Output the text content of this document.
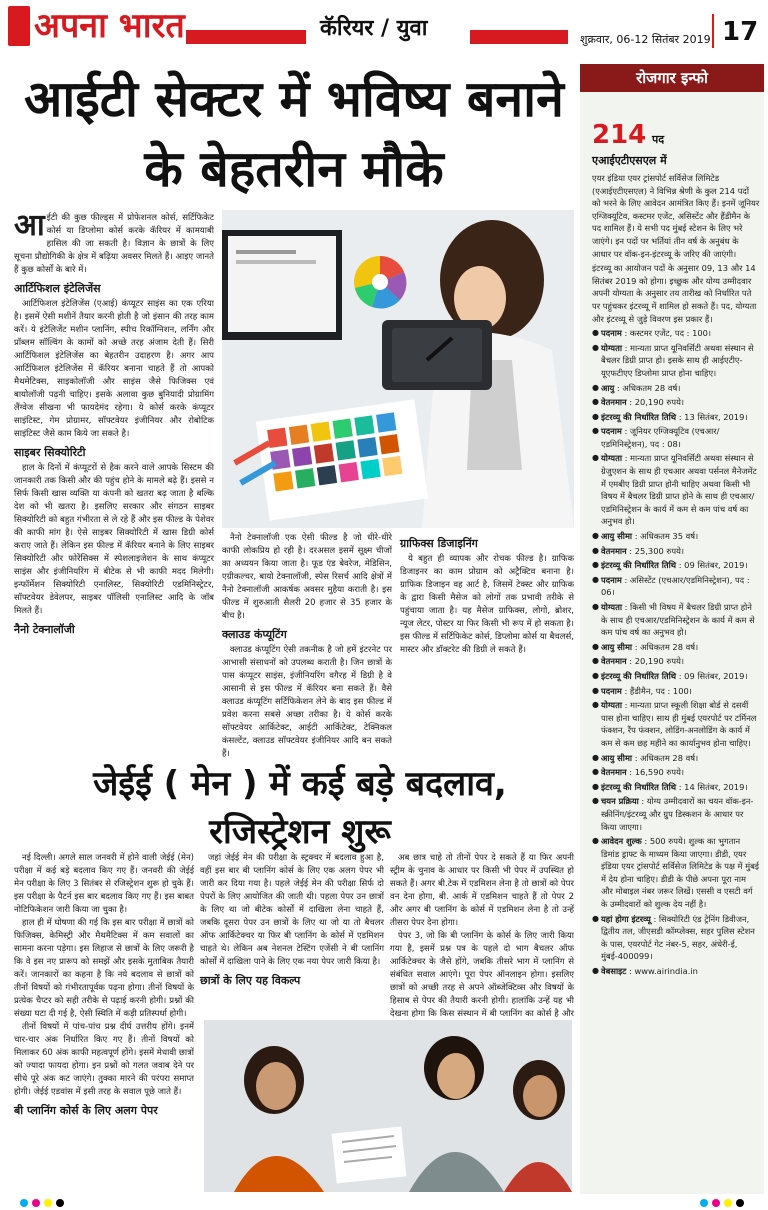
अपना भारत	कॅरियर / युवा	शुक्रवार, 06-12 सितंबर 2019 17
आईटी सेक्टर में भविष्य बनाने के बेहतरीन मौके

आईटी की कुछ फील्ड्स में प्रोफेशनल कोर्स, सर्टिफिकेट कोर्स या डिप्लोमा कोर्स करके कॅरियर में कामयाबी हासिल की जा सकती है। विज्ञान के छात्रों के लिए सूचना प्रौद्योगिकी के क्षेत्र में बढ़िया अवसर मिलते हैं। आइए जानते हैं कुछ कोर्सों के बारे में।

आर्टिफिशल इंटेलिजेंस

आर्टिफिशल इंटेलिजेंस (एआई) कंप्यूटर साइंस का एक एरिया है। इसमें ऐसी मशीनें तैयार करनी होती है जो इंसान की तरह काम करें। ये इंटेलिजेंट मशीन प्लानिंग, स्पीच रिकॉग्निशन, लर्निंग और प्रॉब्लम सॉल्विंग के कामों को अच्छे तरह अंजाम देती हैं। सिरी आर्टिफिशल इंटेलिजेंस का बेहतरीन उदाहरण है। अगर आप आर्टिफिशल इंटेलिजेंस में कॅरियर बनाना चाहते हैं तो आपको मैथमेटिक्स, साइकोलॉजी और साइंस जैसे फिजिक्स एवं बायोलॉजी पढ़नी चाहिए। इसके अलावा कुछ बुनियादी प्रोग्रामिंग लैंग्वेज सीखना भी फायदेमंद रहेगा। ये कोर्स करके कंप्यूटर साइंटिस्ट, गेम प्रोग्रामर, सॉफ्टवेयर इंजीनियर और रोबोटिक साइंटिस्ट जैसे काम किये जा सकते है।

साइबर सिक्योरिटी

हाल के दिनों में कंप्यूटरों से हैक करने वाले आपके सिस्टम की जानकारी तक किसी और की पहुंच होने के मामले बढ़े हैं। इससे न सिर्फ किसी खास व्यक्ति या कंपनी को खतरा बढ़ जाता है बल्कि देश को भी खतरा है। इसलिए सरकार और संगठन साइबर सिक्योरिटी को बहुत गंभीरता से ले रहे हैं और इस फील्ड के पेशेवर की काफी मांग है। ऐसे साइबर सिक्योरिटी में खास डिग्री कोर्स कराए जाते हैं। लेकिन इस फील्ड में कॅरियर बनाने के लिए साइबर सिक्योरिटी और फोरेंसिक्स में स्पेशलाइजेशन के साथ कंप्यूटर साइंस और इंजीनियरिंग में बीटेक से भी काफी मदद मिलेगी। इन्फॉर्मेशन सिक्योरिटी एनालिस्ट, सिक्योरिटी एडमिनिस्ट्रेटर, सॉफ्टवेयर डेवेलपर, साइबर पॉलिसी एनालिस्ट आदि के जॉब मिलते हैं।

नैनो टेक्नालॉजी

नैनो टेक्नालॉजी एक ऐसी फील्ड है जो धीरे-धीरे काफी लोकप्रिय हो रही है। दरअसल इसमें सूक्ष्म चीजों का अध्ययन किया जाता है। फूड एंड बेवरेज, मेडिसिन, एग्रीकल्चर, बायो टेक्नालॉजी, स्पेस रिसर्च आदि क्षेत्रों में नैनो टेक्नालॉजी आकर्षक अवसर मुहैया कराती है। इस फील्ड में शुरुआती सैलरी 20 हजार से 35 हजार के बीच है।

क्लाउड कंप्यूटिंग

क्लाउड कंप्यूटिंग ऐसी तकनीक है जो हमें इंटरनेट पर आभासी संसाधनों को उपलब्ध कराती है। जिन छात्रों के पास कंप्यूटर साइंस, इंजीनियरिंग वगैरह में डिग्री है वे आसानी से इस फील्ड में कॅरियर बना सकते हैं। वैसे क्लाउड कंप्यूटिंग सर्टिफिकेशन लेने के बाद इस फील्ड में प्रवेश करना सबसे अच्छा तरीका है। ये कोर्स करके सॉफ्टवेयर आर्किटेक्ट, आईटी आर्किटेक्ट, टेक्निकल कंसल्टेंट, क्लाउड सॉफ्टवेयर इंजीनियर आदि बन सकते हैं।

ग्राफिक्स डिजाइनिंग

ये बहुत ही व्यापक और रोचक फील्ड है। ग्राफिक डिजाइनर का काम प्रोग्राम को अट्रैक्टिव बनाना है। ग्राफिक डिजाइन वह आर्ट है, जिसमें टेक्स्ट और ग्राफिक के द्वारा किसी मैसेज को लोगों तक प्रभावी तरीके से पहुंचाया जाता है। यह मैसेज ग्राफिक्स, लोगो, ब्रोशर, न्यूज लेटर, पोस्टर या फिर किसी भी रूप में हो सकता है। इस फील्ड में सर्टिफिकेट कोर्स, डिप्लोमा कोर्स या बैचलर्स, मास्टर और डॉक्टरेट की डिग्री ले सकते हैं।

जेईई ( मेन ) में कई बड़े बदलाव, रजिस्ट्रेशन शुरू

नई दिल्ली। अगले साल जनवरी में होने वाली जेईई (मेन) परीक्षा में कई बड़े बदलाव किए गए हैं। जनवरी की जेईई मेन परीक्षा के लिए 3 सितंबर से रजिस्ट्रेशन शुरू हो चुके हैं। इस परीक्षा के पैटर्न इस बार बदलाव किए गए हैं। इस बाबत नोटिफिकेशन जारी किया जा चुका है।

हाल ही में घोषणा की गई कि इस बार परीक्षा में छात्रों को फिजिक्स, केमिस्ट्री और मैथमैटिक्स में कम सवालों का सामना करना पड़ेगा। इस लिहाज से छात्रों के लिए जरूरी है कि वे इस नए प्रारूप को समझें और इसके मुताबिक तैयारी करें। जानकारों का कहना है कि नये बदलाव से छात्रों को तीनों विषयों को गंभीरतापूर्वक पढ़ना होगा। तीनों विषयों के प्रत्येक चैप्टर को सही तरीके से पढ़ाई करनी होगी। प्रश्नों की संख्या घटा दी गई है, ऐसी स्थिति में कड़ी प्रतिस्पर्धा होगी।

तीनों विषयों में पांच-पांच प्रश्न दीर्घ उत्तरीय होंगे। इनमें चार-चार अंक निर्धारित किए गए हैं। तीनों विषयों को मिलाकर 60 अंक काफी महत्वपूर्ण होंगे। इसमें मेधावी छात्रों को ज्यादा फायदा होगा। इन प्रश्नों को गलत जवाब देने पर सीधे पूरे अंक कट जाएंगे। तुक्का मारने की परंपरा समाप्त होगी। जेईई एडवांस में इसी तरह के सवाल पूछे जाते हैं।

बी प्लानिंग कोर्स के लिए अलग पेपर

जहां जेईई मेन की परीक्षा के स्ट्रक्चर में बदलाव हुआ है, वहीं इस बार बी प्लानिंग कोर्स के लिए एक अलग पेपर भी जारी कर दिया गया है। पहले जेईई मेन की परीक्षा सिर्फ दो पेपरों के लिए आयोजित की जाती थी। पहला पेपर उन छात्रों के लिए था जो बीटेक कोर्सों में दाखिला लेना चाहते हैं, जबकि दूसरा पेपर उन छात्रों के लिए था जो या तो बैचलर ऑफ आर्किटेक्चर या फिर बी प्लानिंग के कोर्स में एडमिशन चाहते थे। लेकिन अब नेशनल टेस्टिंग एजेंसी ने बी प्लानिंग कोर्सों में दाखिला पाने के लिए एक नया पेपर जारी किया है।

छात्रों के लिए यह विकल्प

अब छात्र चाहे तो तीनों पेपर दे सकते हैं या फिर अपनी स्ट्रीम के चुनाव के आधार पर किसी भी पेपर में उपस्थित हो सकते हैं। अगर बी.टेक में एडमिशन लेना है तो छात्रों को पेपर वन देना होगा, बी. आर्क में एडमिशन चाहते हैं तो पेपर 2 और अगर बी प्लानिंग के कोर्स में एडमिशन लेना है तो उन्हें तीसरा पेपर देना होगा।

पेपर 3, जो कि बी प्लानिंग के कोर्स के लिए जारी किया गया है, इसमें प्रश्न पत्र के पहले दो भाग बैचलर ऑफ आर्किटेक्चर के जैसे होंगे, जबकि तीसरे भाग में प्लानिंग से संबंधित सवाल आएंगे। पूरा पेपर ऑनलाइन होगा। इसलिए छात्रों को अच्छी तरह से अपने ऑब्जेक्टिव्स और विषयों के हिसाब से पेपर की तैयारी करनी होगी। हालांकि उन्हें यह भी देखना होगा कि किस संस्थान में बी प्लानिंग का कोर्स है और

रोजगार इन्फो
214 पद
एआईएटीएसएल में

एयर इंडिया एयर ट्रांसपोर्ट सर्विसेज लिमिटेड (एआईएटीएसएल) ने विभिन्न श्रेणी के कुल 214 पदों को भरने के लिए आवेदन आमंत्रित किए हैं। इनमें जूनियर एग्जिक्यूटिव, कस्टमर एजेंट, असिस्टेंट और हैंडीमैन के पद शामिल हैं। ये सभी पद मुंबई स्टेशन के लिए भरे जाएंगे। इन पदों पर भर्तियां तीन वर्ष के अनुबंध के आधार पर वॉक-इन-इंटरव्यू के जरिए की जाएंगी।

इंटरव्यू का आयोजन पदों के अनुसार 09, 13 और 14 सितंबर 2019 को होगा। इच्छुक और योग्य उम्मीदवार अपनी योग्यता के अनुसार तय तारीख को निर्धारित पते पर पहुंचकर इंटरव्यू में शामिल हो सकते हैं। पद, योग्यता और इंटरव्यू से जुड़े विवरण इस प्रकार हैं।

● पदनाम : कस्टमर एजेंट, पद : 100।
● योग्यता : मान्यता प्राप्त यूनिवर्सिटी अथवा संस्थान से बैचलर डिग्री प्राप्त हो। इसके साथ ही आईएटीए-यूएफटीएए डिप्लोमा प्राप्त होना चाहिए।
● आयु : अधिकतम 28 वर्ष।
● वेतनमान : 20,190 रुपये।
● इंटरव्यू की निर्धारित तिथि : 13 सितंबर, 2019।
● पदनाम : जूनियर एग्जिक्यूटिव (एचआर/एडमिनिस्ट्रेशन), पद : 08।
● योग्यता : मान्यता प्राप्त यूनिवर्सिटी अथवा संस्थान से ग्रेजुएशन के साथ ही एचआर अथवा पर्सनल मैनेजमेंट में एमबीए डिग्री प्राप्त होनी चाहिए अथवा किसी भी विषय में बैचलर डिग्री प्राप्त होने के साथ ही एचआर/एडमिनिस्ट्रेशन के कार्य में कम से कम पांच वर्ष का अनुभव हो।
● आयु सीमा : अधिकतम 35 वर्ष।
● वेतनमान : 25,300 रुपये।
● इंटरव्यू की निर्धारित तिथि : 09 सितंबर, 2019।
● पदनाम : असिस्टेंट (एचआर/एडमिनिस्ट्रेशन), पद : 06।
● योग्यता : किसी भी विषय में बैचलर डिग्री प्राप्त होने के साथ ही एचआर/एडमिनिस्ट्रेशन के कार्य में कम से कम पांच वर्ष का अनुभव हो।
● आयु सीमा : अधिकतम 28 वर्ष।
● वेतनमान : 20,190 रुपये।
● इंटरव्यू की निर्धारित तिथि : 09 सितंबर, 2019।
● पदनाम : हैंडीमैन, पद : 100।
● योग्यता : मान्यता प्राप्त स्कूली शिक्षा बोर्ड से दसवीं पास होना चाहिए। साथ ही मुंबई एयरपोर्ट पर टर्मिनल फंक्शन, रैंप फंक्शन, लोडिंग-अनलोडिंग के कार्य में कम से कम छह महीने का कार्यानुभव होना चाहिए।
● आयु सीमा : अधिकतम 28 वर्ष।
● वेतनमान : 16,590 रुपये।
● इंटरव्यू की निर्धारित तिथि : 14 सितंबर, 2019।
● चयन प्रक्रिया : योग्य उम्मीदवारों का चयन वॉक-इन-स्क्रीनिंग/इंटरव्यू और ग्रुप डिस्कशन के आधार पर किया जाएगा।
● आवेदन शुल्क : 500 रुपये। शुल्क का भुगतान डिमांड ड्राफ्ट के माध्यम किया जाएगा। डीडी, एयर इंडिया एयर ट्रांसपोर्ट सर्विसेज लिमिटेड के पक्ष में मुंबई में देय होना चाहिए। डीडी के पीछे अपना पूरा नाम और मोबाइल नंबर जरूर लिखें। एससी व एसटी वर्ग के उम्मीदवारों को शुल्क देय नहीं है।
● यहां होगा इंटरव्यू : सिक्योरिटी एंड ट्रेनिंग डिवीजन, द्वितीय तल, जीएसडी कॉम्प्लेक्स, सहर पुलिस स्टेशन के पास, एयरपोर्ट गेट नंबर-5, सहर, अंधेरी-ई, मुंबई-400099।
● वेबसाइट : www.airindia.in
